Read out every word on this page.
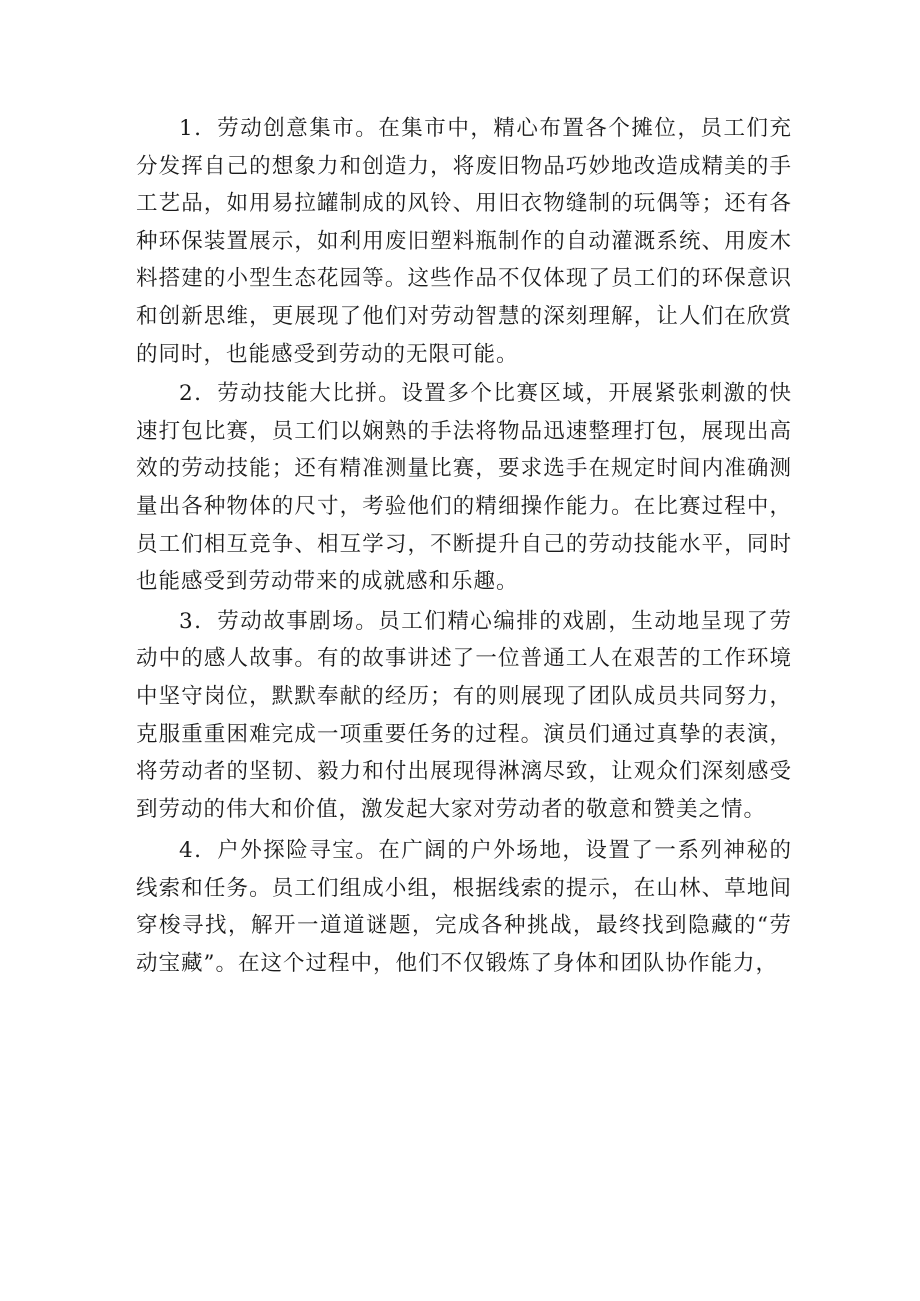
1．劳动创意集市。在集市中，精心布置各个摊位，员工们充分发挥自己的想象力和创造力，将废旧物品巧妙地改造成精美的手工艺品，如用易拉罐制成的风铃、用旧衣物缝制的玩偶等；还有各种环保装置展示，如利用废旧塑料瓶制作的自动灌溉系统、用废木料搭建的小型生态花园等。这些作品不仅体现了员工们的环保意识和创新思维，更展现了他们对劳动智慧的深刻理解，让人们在欣赏的同时，也能感受到劳动的无限可能。

2．劳动技能大比拼。设置多个比赛区域，开展紧张刺激的快速打包比赛，员工们以娴熟的手法将物品迅速整理打包，展现出高效的劳动技能；还有精准测量比赛，要求选手在规定时间内准确测量出各种物体的尺寸，考验他们的精细操作能力。在比赛过程中，员工们相互竞争、相互学习，不断提升自己的劳动技能水平，同时也能感受到劳动带来的成就感和乐趣。

3．劳动故事剧场。员工们精心编排的戏剧，生动地呈现了劳动中的感人故事。有的故事讲述了一位普通工人在艰苦的工作环境中坚守岗位，默默奉献的经历；有的则展现了团队成员共同努力，克服重重困难完成一项重要任务的过程。演员们通过真挚的表演，将劳动者的坚韧、毅力和付出展现得淋漓尽致，让观众们深刻感受到劳动的伟大和价值，激发起大家对劳动者的敬意和赞美之情。

4．户外探险寻宝。在广阔的户外场地，设置了一系列神秘的线索和任务。员工们组成小组，根据线索的提示，在山林、草地间穿梭寻找，解开一道道谜题，完成各种挑战，最终找到隐藏的“劳动宝藏”。在这个过程中，他们不仅锻炼了身体和团队协作能力，
